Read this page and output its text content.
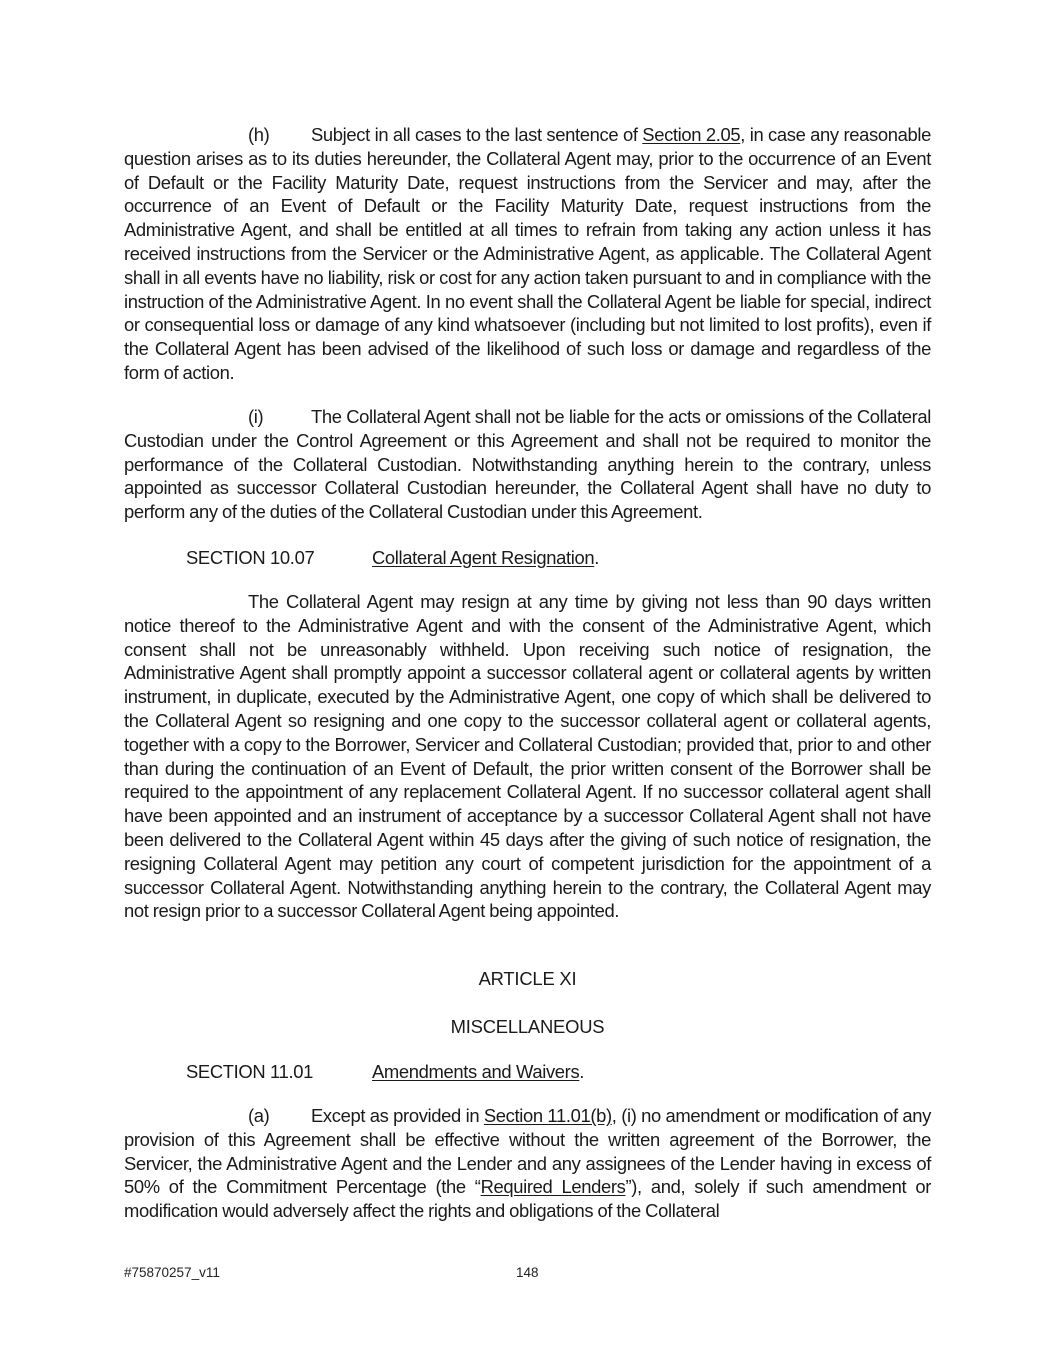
(h) Subject in all cases to the last sentence of Section 2.05, in case any reasonable question arises as to its duties hereunder, the Collateral Agent may, prior to the occurrence of an Event of Default or the Facility Maturity Date, request instructions from the Servicer and may, after the occurrence of an Event of Default or the Facility Maturity Date, request instructions from the Administrative Agent, and shall be entitled at all times to refrain from taking any action unless it has received instructions from the Servicer or the Administrative Agent, as applicable. The Collateral Agent shall in all events have no liability, risk or cost for any action taken pursuant to and in compliance with the instruction of the Administrative Agent. In no event shall the Collateral Agent be liable for special, indirect or consequential loss or damage of any kind whatsoever (including but not limited to lost profits), even if the Collateral Agent has been advised of the likelihood of such loss or damage and regardless of the form of action.

(i)	The Collateral Agent shall not be liable for the acts or omissions of the Collateral Custodian under the Control Agreement or this Agreement and shall not be required to monitor the performance of the Collateral Custodian. Notwithstanding anything herein to the contrary, unless appointed as successor Collateral Custodian hereunder, the Collateral Agent shall have no duty to perform any of the duties of the Collateral Custodian under this Agreement.

SECTION 10.07	Collateral Agent Resignation.

The Collateral Agent may resign at any time by giving not less than 90 days written notice thereof to the Administrative Agent and with the consent of the Administrative Agent, which consent shall not be unreasonably withheld. Upon receiving such notice of resignation, the Administrative Agent shall promptly appoint a successor collateral agent or collateral agents by written instrument, in duplicate, executed by the Administrative Agent, one copy of which shall be delivered to the Collateral Agent so resigning and one copy to the successor collateral agent or collateral agents, together with a copy to the Borrower, Servicer and Collateral Custodian; provided that, prior to and other than during the continuation of an Event of Default, the prior written consent of the Borrower shall be required to the appointment of any replacement Collateral Agent. If no successor collateral agent shall have been appointed and an instrument of acceptance by a successor Collateral Agent shall not have been delivered to the Collateral Agent within 45 days after the giving of such notice of resignation, the resigning Collateral Agent may petition any court of competent jurisdiction for the appointment of a successor Collateral Agent. Notwithstanding anything herein to the contrary, the Collateral Agent may not resign prior to a successor Collateral Agent being appointed.

ARTICLE XI
MISCELLANEOUS
SECTION 11.01	Amendments and Waivers.

(a) Except as provided in Section 11.01(b), (i) no amendment or modification of any provision of this Agreement shall be effective without the written agreement of the Borrower, the Servicer, the Administrative Agent and the Lender and any assignees of the Lender having in excess of 50% of the Commitment Percentage (the “Required Lenders”), and, solely if such amendment or modification would adversely affect the rights and obligations of the Collateral

#75870257_v11	148
